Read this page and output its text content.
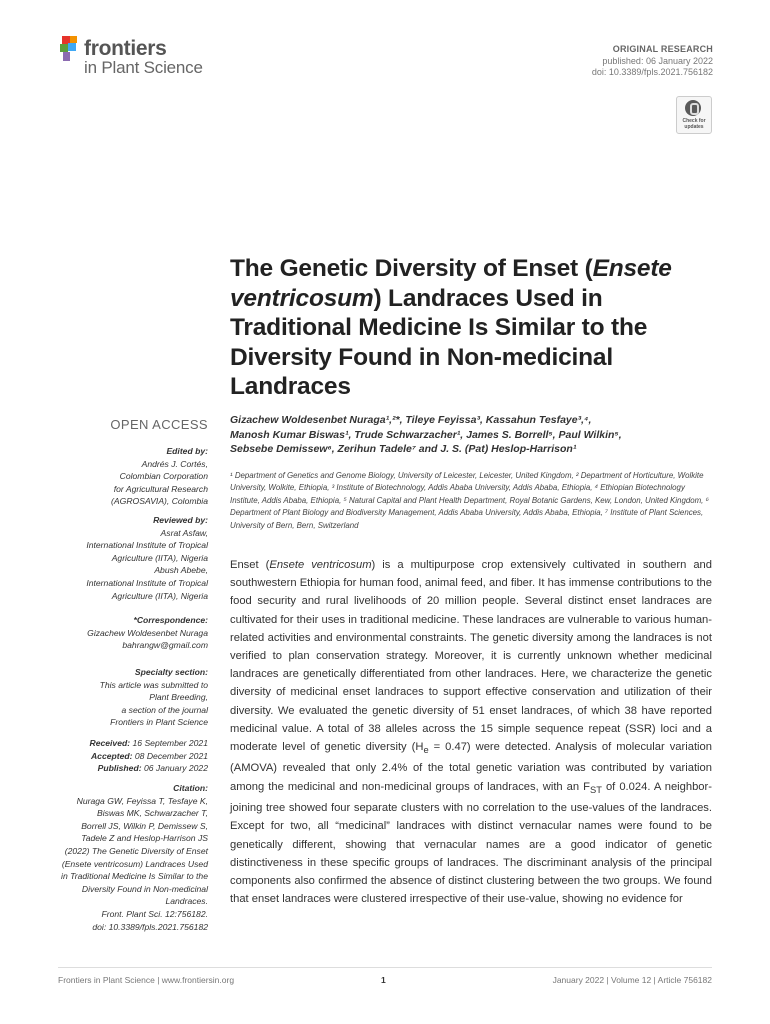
frontiers
in Plant Science
ORIGINAL RESEARCH
published: 06 January 2022
doi: 10.3389/fpls.2021.756182
Check for
updates
The Genetic Diversity of Enset (Ensete ventricosum) Landraces Used in Traditional Medicine Is Similar to the Diversity Found in Non-medicinal Landraces
OPEN ACCESS
Edited by:
Andrés J. Cortés,
Colombian Corporation
for Agricultural Research
(AGROSAVIA), Colombia
Reviewed by:
Asrat Asfaw,
International Institute of Tropical
Agriculture (IITA), Nigeria
Abush Abebe,
International Institute of Tropical
Agriculture (IITA), Nigeria
*Correspondence:
Gizachew Woldesenbet Nuraga
bahrangw@gmail.com
Specialty section:
This article was submitted to
Plant Breeding,
a section of the journal
Frontiers in Plant Science
Received: 16 September 2021
Accepted: 08 December 2021
Published: 06 January 2022
Citation:
Nuraga GW, Feyissa T, Tesfaye K,
Biswas MK, Schwarzacher T,
Borrell JS, Wilkin P, Demissew S,
Tadele Z and Heslop-Harrison JS
(2022) The Genetic Diversity of Enset
(Ensete ventricosum) Landraces Used
in Traditional Medicine Is Similar to the
Diversity Found in Non-medicinal
Landraces.
Front. Plant Sci. 12:756182.
doi: 10.3389/fpls.2021.756182
Gizachew Woldesenbet Nuraga¹,²*, Tileye Feyissa³, Kassahun Tesfaye³,⁴,
Manosh Kumar Biswas¹, Trude Schwarzacher¹, James S. Borrell⁵, Paul Wilkin⁵,
Sebsebe Demissew⁶, Zerihun Tadele⁷ and J. S. (Pat) Heslop-Harrison¹
¹ Department of Genetics and Genome Biology, University of Leicester, Leicester, United Kingdom, ² Department of Horticulture, Wolkite University, Wolkite, Ethiopia, ³ Institute of Biotechnology, Addis Ababa University, Addis Ababa, Ethiopia, ⁴ Ethiopian Biotechnology Institute, Addis Ababa, Ethiopia, ⁵ Natural Capital and Plant Health Department, Royal Botanic Gardens, Kew, London, United Kingdom, ⁶ Department of Plant Biology and Biodiversity Management, Addis Ababa University, Addis Ababa, Ethiopia, ⁷ Institute of Plant Sciences, University of Bern, Bern, Switzerland

Enset (Ensete ventricosum) is a multipurpose crop extensively cultivated in southern and southwestern Ethiopia for human food, animal feed, and fiber. It has immense contributions to the food security and rural livelihoods of 20 million people. Several distinct enset landraces are cultivated for their uses in traditional medicine. These landraces are vulnerable to various human-related activities and environmental constraints. The genetic diversity among the landraces is not verified to plan conservation strategy. Moreover, it is currently unknown whether medicinal landraces are genetically differentiated from other landraces. Here, we characterize the genetic diversity of medicinal enset landraces to support effective conservation and utilization of their diversity. We evaluated the genetic diversity of 51 enset landraces, of which 38 have reported medicinal value. A total of 38 alleles across the 15 simple sequence repeat (SSR) loci and a moderate level of genetic diversity $(H_e = 0.47)$ were detected. Analysis of molecular variation (AMOVA) revealed that only 2.4% of the total genetic variation was contributed by variation among the medicinal and non-medicinal groups of landraces, with an $F_{ST}$ of 0.024. A neighbor-joining tree showed four separate clusters with no correlation to the use-values of the landraces. Except for two, all “medicinal” landraces with distinct vernacular names were found to be genetically different, showing that vernacular names are a good indicator of genetic distinctiveness in these specific groups of landraces. The discriminant analysis of the principal components also confirmed the absence of distinct clustering between the two groups. We found that enset landraces were clustered irrespective of their use-value, showing no evidence for

Frontiers in Plant Science | www.frontiersin.org	1	January 2022 | Volume 12 | Article 756182
